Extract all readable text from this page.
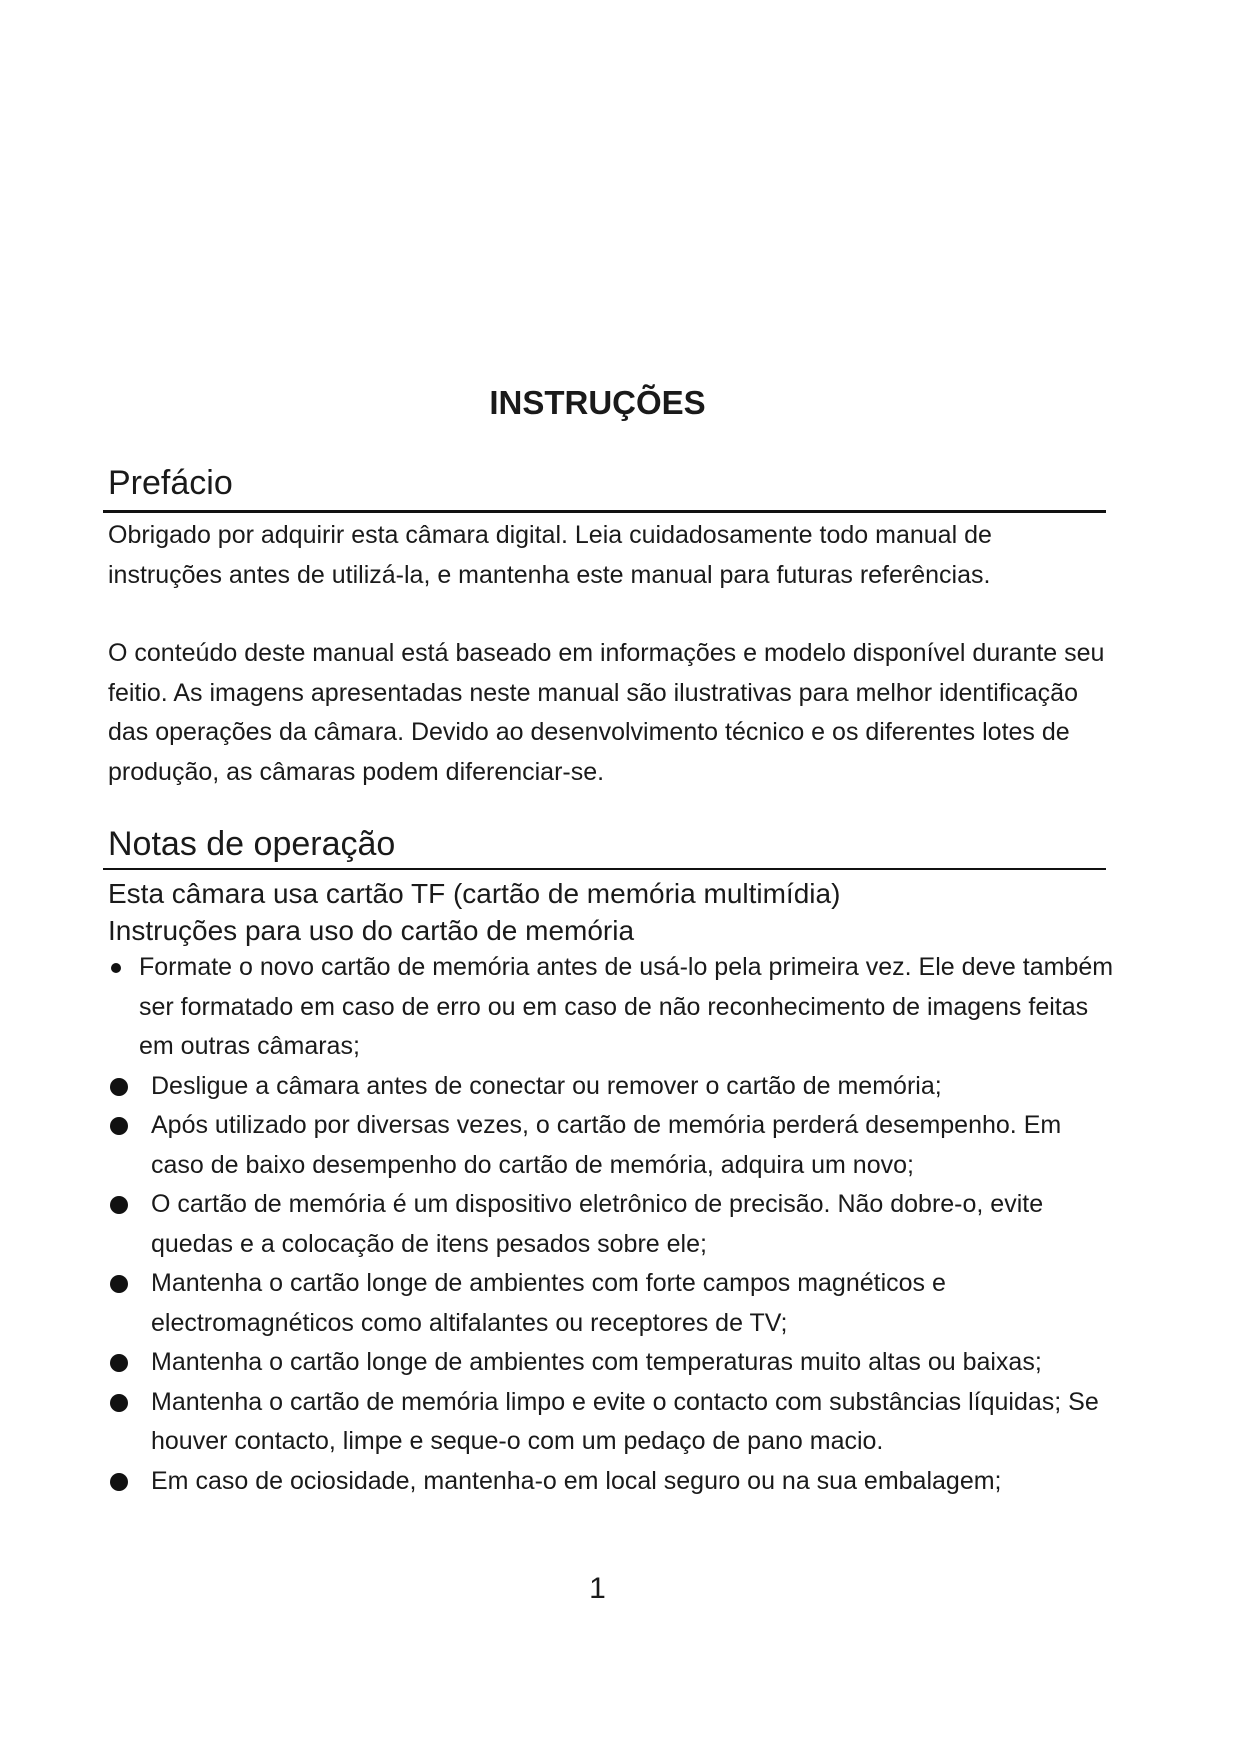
INSTRUÇÕES
Prefácio

Obrigado por adquirir esta câmara digital. Leia cuidadosamente todo manual de instruções antes de utilizá-la, e mantenha este manual para futuras referências.

O conteúdo deste manual está baseado em informações e modelo disponível durante seu feitio. As imagens apresentadas neste manual são ilustrativas para melhor identificação das operações da câmara. Devido ao desenvolvimento técnico e os diferentes lotes de produção, as câmaras podem diferenciar-se.

Notas de operação

Esta câmara usa cartão TF (cartão de memória multimídia)

Instruções para uso do cartão de memória

Formate o novo cartão de memória antes de usá-lo pela primeira vez. Ele deve também ser formatado em caso de erro ou em caso de não reconhecimento de imagens feitas em outras câmaras;
Desligue a câmara antes de conectar ou remover o cartão de memória;
Após utilizado por diversas vezes, o cartão de memória perderá desempenho. Em caso de baixo desempenho do cartão de memória, adquira um novo;
O cartão de memória é um dispositivo eletrônico de precisão. Não dobre-o, evite quedas e a colocação de itens pesados sobre ele;
Mantenha o cartão longe de ambientes com forte campos magnéticos e electromagnéticos como altifalantes ou receptores de TV;
Mantenha o cartão longe de ambientes com temperaturas muito altas ou baixas;
Mantenha o cartão de memória limpo e evite o contacto com substâncias líquidas; Se houver contacto, limpe e seque-o com um pedaço de pano macio.
Em caso de ociosidade, mantenha-o em local seguro ou na sua embalagem;

1
